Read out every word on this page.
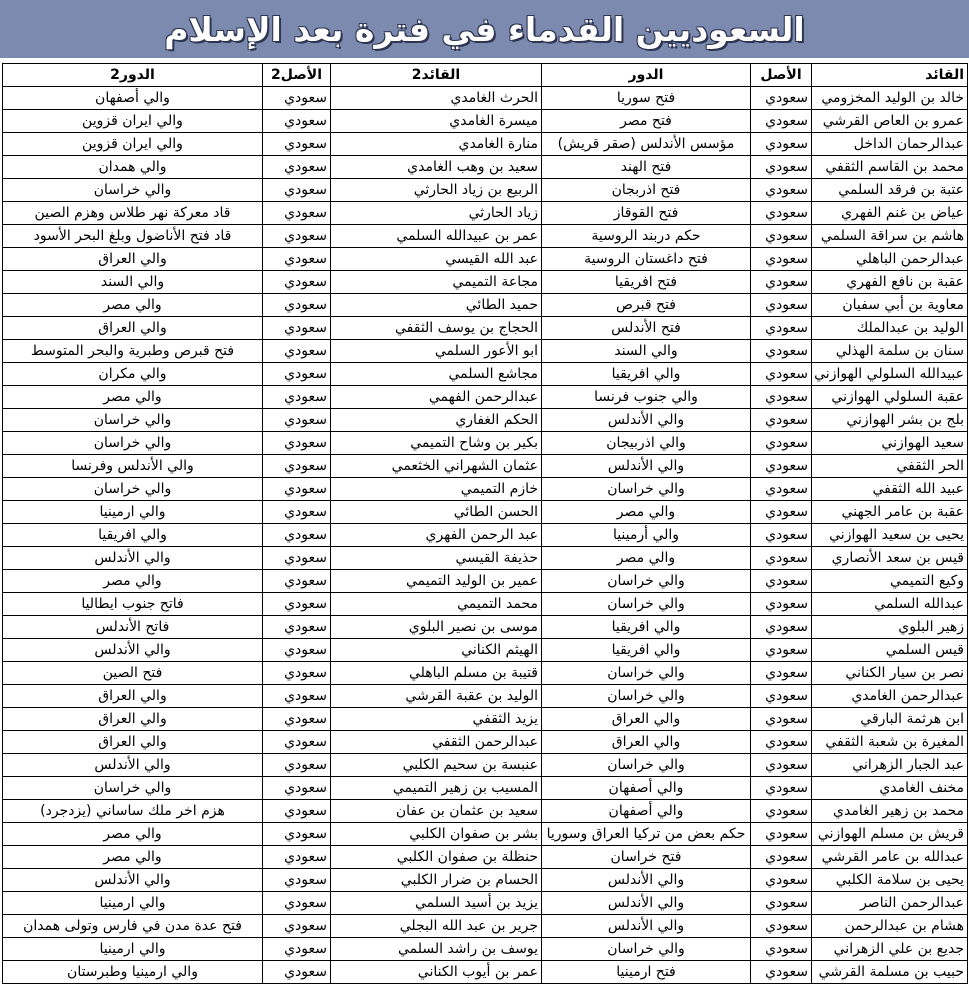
السعوديين القدماء في فترة بعد الإسلام
القائد	الأصل	الدور	القائد2	الأصل2	الدور2
خالد بن الوليد المخزومي	سعودي	فتح سوريا	الحرث الغامدي	سعودي	والي أصفهان
عمرو بن العاص القرشي	سعودي	فتح مصر	ميسرة الغامدي	سعودي	والي ايران قزوين
عبدالرحمان الداخل	سعودي	مؤسس الأندلس (صقر قريش)	منارة الغامدي	سعودي	والي ايران قزوين
محمد بن القاسم الثقفي	سعودي	فتح الهند	سعيد بن وهب الغامدي	سعودي	والي همدان
عتبة بن فرقد السلمي	سعودي	فتح اذربجان	الربيع بن زياد الحارثي	سعودي	والي خراسان
عياض بن غنم الفهري	سعودي	فتح القوقاز	زياد الحارثي	سعودي	قاد معركة نهر طلاس وهزم الصين
هاشم بن سراقة السلمي	سعودي	حكم دربند الروسية	عمر بن عبيدالله السلمي	سعودي	قاد فتح الأناضول وبلغ البحر الأسود
عبدالرحمن الباهلي	سعودي	فتح داغستان الروسية	عبد الله القيسي	سعودي	والي العراق
عقبة بن نافع الفهري	سعودي	فتح افريقيا	مجاعة التميمي	سعودي	والي السند
معاوية بن أبي سفيان	سعودي	فتح قبرص	حميد الطائي	سعودي	والي مصر
الوليد بن عبدالملك	سعودي	فتح الأندلس	الحجاج بن يوسف الثقفي	سعودي	والي العراق
سنان بن سلمة الهذلي	سعودي	والي السند	ابو الأعور السلمي	سعودي	فتح قبرص وطبرية والبحر المتوسط
عبيدالله السلولي الهوازني	سعودي	والي افريقيا	مجاشع السلمي	سعودي	والي مكران
عقبة السلولي الهوازني	سعودي	والي جنوب فرنسا	عبدالرحمن الفهمي	سعودي	والي مصر
بلج بن بشر الهوازني	سعودي	والي الأندلس	الحكم الغفاري	سعودي	والي خراسان
سعيد الهوازني	سعودي	والي اذربيجان	بكير بن وشاح التميمي	سعودي	والي خراسان
الحر الثقفي	سعودي	والي الأندلس	عثمان الشهراني الخثعمي	سعودي	والي الأندلس وفرنسا
عبيد الله الثقفي	سعودي	والي خراسان	خازم التميمي	سعودي	والي خراسان
عقبة بن عامر الجهني	سعودي	والي مصر	الحسن الطائي	سعودي	والي ارمينيا
يحيى بن سعيد الهوازني	سعودي	والي أرمينيا	عبد الرحمن الفهري	سعودي	والي افريقيا
قيس بن سعد الأنصاري	سعودي	والي مصر	حذيفة القيسي	سعودي	والي الأندلس
وكيع التميمي	سعودي	والي خراسان	عمير بن الوليد التميمي	سعودي	والي مصر
عبدالله السلمي	سعودي	والي خراسان	محمد التميمي	سعودي	فاتح جنوب ايطاليا
زهير البلوي	سعودي	والي افريقيا	موسى بن نصير البلوي	سعودي	فاتح الأندلس
قيس السلمي	سعودي	والي افريقيا	الهيثم الكناني	سعودي	والي الأندلس
نصر بن سيار الكناني	سعودي	والي خراسان	قتيبة بن مسلم الباهلي	سعودي	فتح الصين
عبدالرحمن الغامدي	سعودي	والي خراسان	الوليد بن عقبة القرشي	سعودي	والي العراق
ابن هرثمة البارقي	سعودي	والي العراق	يزيد الثقفي	سعودي	والي العراق
المغيرة بن شعبة الثقفي	سعودي	والي العراق	عبدالرحمن الثقفي	سعودي	والي العراق
عبد الجبار الزهراني	سعودي	والي خراسان	عنبسة بن سحيم الكلبي	سعودي	والي الأندلس
مخنف الغامدي	سعودي	والي أصفهان	المسيب بن زهير التميمي	سعودي	والي خراسان
محمد بن زهير الغامدي	سعودي	والي أصفهان	سعيد بن عثمان بن عفان	سعودي	هزم اخر ملك ساساني (يزدجرد)
قريش بن مسلم الهوازني	سعودي	حكم بعض من تركيا العراق وسوريا	بشر بن صفوان الكلبي	سعودي	والي مصر
عبدالله بن عامر القرشي	سعودي	فتح خراسان	حنظلة بن صفوان الكلبي	سعودي	والي مصر
يحيى بن سلامة الكلبي	سعودي	والي الأندلس	الحسام بن ضرار الكلبي	سعودي	والي الأندلس
عبدالرحمن الناصر	سعودي	والي الأندلس	يزيد بن أسيد السلمي	سعودي	والي ارمينيا
هشام بن عبدالرحمن	سعودي	والي الأندلس	جرير بن عبد الله البجلي	سعودي	فتح عدة مدن في فارس وتولى همدان
جديع بن علي الزهراني	سعودي	والي خراسان	يوسف بن راشد السلمي	سعودي	والي ارمينيا
حبيب بن مسلمة القرشي	سعودي	فتح ارمينيا	عمر بن أيوب الكناني	سعودي	والي ارمينيا وطبرستان
